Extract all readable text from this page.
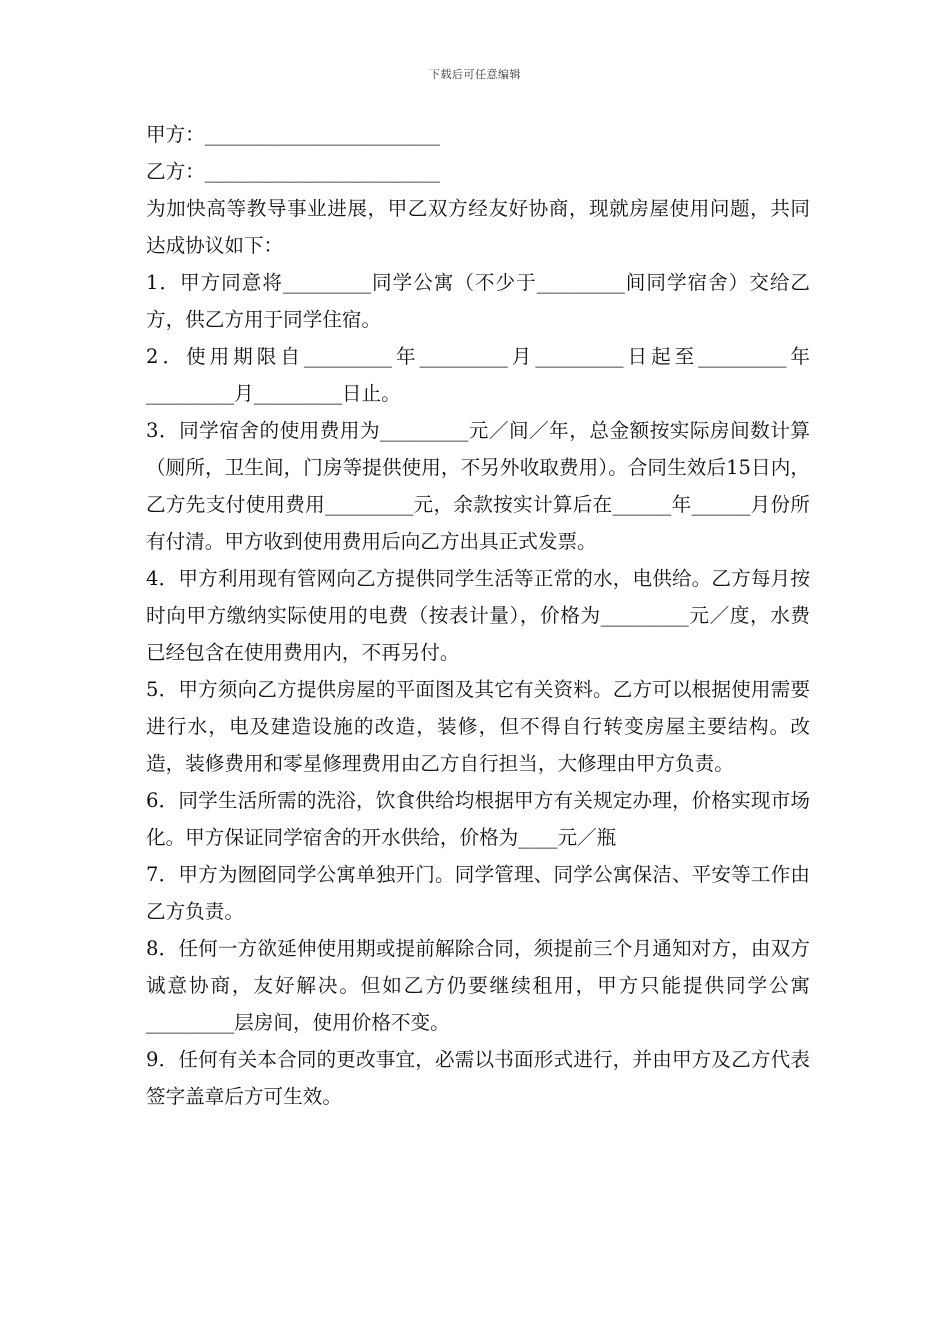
下载后可任意编辑

甲方：________________________

乙方：________________________

为加快高等教导事业进展，甲乙双方经友好协商，现就房屋使用问题，共同达成协议如下：

1．甲方同意将_________同学公寓（不少于_________间同学宿舍）交给乙方，供乙方用于同学住宿。

2．使用期限自_________年_________月_________日起至_________年_________月_________日止。

3．同学宿舍的使用费用为_________元／间／年，总金额按实际房间数计算（厕所，卫生间，门房等提供使用，不另外收取费用）。合同生效后15日内，乙方先支付使用费用_________元，余款按实计算后在______年______月份所有付清。甲方收到使用费用后向乙方出具正式发票。

4．甲方利用现有管网向乙方提供同学生活等正常的水，电供给。乙方每月按时向甲方缴纳实际使用的电费（按表计量），价格为_________元／度，水费已经包含在使用费用内，不再另付。

5．甲方须向乙方提供房屋的平面图及其它有关资料。乙方可以根据使用需要进行水，电及建造设施的改造，装修，但不得自行转变房屋主要结构。改造，装修费用和零星修理费用由乙方自行担当，大修理由甲方负责。

6．同学生活所需的洗浴，饮食供给均根据甲方有关规定办理，价格实现市场化。甲方保证同学宿舍的开水供给，价格为____元／瓶

7．甲方为囫囵同学公寓单独开门。同学管理、同学公寓保洁、平安等工作由乙方负责。

8．任何一方欲延伸使用期或提前解除合同，须提前三个月通知对方，由双方诚意协商，友好解决。但如乙方仍要继续租用，甲方只能提供同学公寓_________层房间，使用价格不变。

9．任何有关本合同的更改事宜，必需以书面形式进行，并由甲方及乙方代表签字盖章后方可生效。
